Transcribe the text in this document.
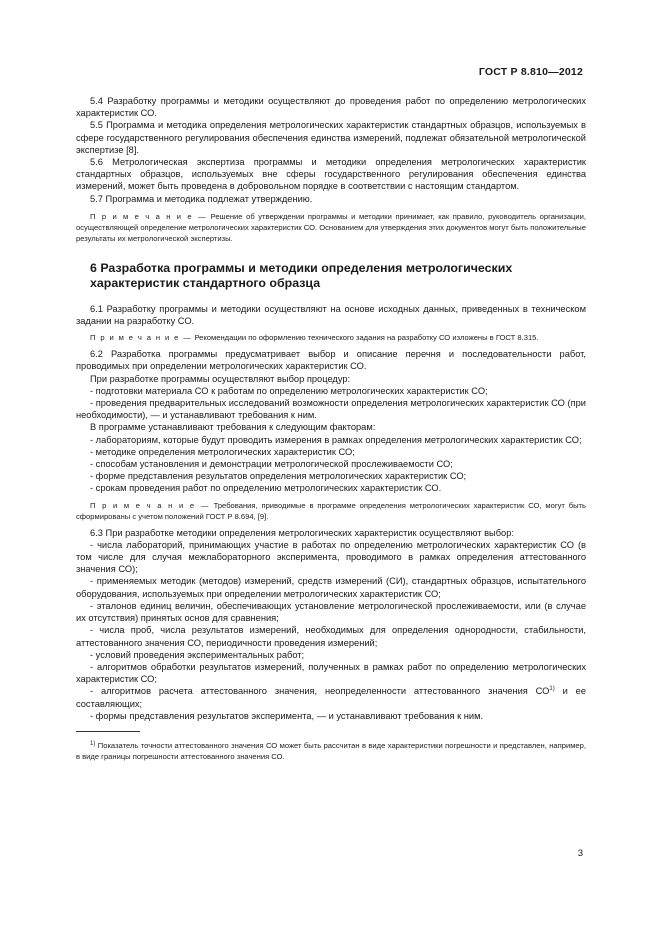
ГОСТ Р 8.810—2012

5.4 Разработку программы и методики осуществляют до проведения работ по определению метрологических характеристик СО.

5.5 Программа и методика определения метрологических характеристик стандартных образцов, используемых в сфере государственного регулирования обеспечения единства измерений, подлежат обязательной метрологической экспертизе [8].

5.6 Метрологическая экспертиза программы и методики определения метрологических характеристик стандартных образцов, используемых вне сферы государственного регулирования обеспечения единства измерений, может быть проведена в добровольном порядке в соответствии с настоящим стандартом.

5.7 Программа и методика подлежат утверждению.

П р и м е ч а н и е — Решение об утверждении программы и методики принимает, как правило, руководитель организации, осуществляющей определение метрологических характеристик СО. Основанием для утверждения этих документов могут быть положительные результаты их метрологической экспертизы.

6 Разработка программы и методики определения метрологических характеристик стандартного образца

6.1 Разработку программы и методики осуществляют на основе исходных данных, приведенных в техническом задании на разработку СО.

П р и м е ч а н и е — Рекомендации по оформлению технического задания на разработку СО изложены в ГОСТ 8.315.

6.2 Разработка программы предусматривает выбор и описание перечня и последовательности работ, проводимых при определении метрологических характеристик СО.

При разработке программы осуществляют выбор процедур:

- подготовки материала СО к работам по определению метрологических характеристик СО;

- проведения предварительных исследований возможности определения метрологических характеристик СО (при необходимости), — и устанавливают требования к ним.

В программе устанавливают требования к следующим факторам:

- лабораториям, которые будут проводить измерения в рамках определения метрологических характеристик СО;

- методике определения метрологических характеристик СО;

- способам установления и демонстрации метрологической прослеживаемости СО;

- форме представления результатов определения метрологических характеристик СО;

- срокам проведения работ по определению метрологических характеристик СО.

П р и м е ч а н и е — Требования, приводимые в программе определения метрологических характеристик СО, могут быть сформированы с учетом положений ГОСТ Р 8.694, [9].

6.3 При разработке методики определения метрологических характеристик осуществляют выбор:

- числа лабораторий, принимающих участие в работах по определению метрологических характеристик СО (в том числе для случая межлабораторного эксперимента, проводимого в рамках определения аттестованного значения СО);

- применяемых методик (методов) измерений, средств измерений (СИ), стандартных образцов, испытательного оборудования, используемых при определении метрологических характеристик СО;

- эталонов единиц величин, обеспечивающих установление метрологической прослеживаемости, или (в случае их отсутствия) принятых основ для сравнения;

- числа проб, числа результатов измерений, необходимых для определения однородности, стабильности, аттестованного значения СО, периодичности проведения измерений;

- условий проведения экспериментальных работ;

- алгоритмов обработки результатов измерений, полученных в рамках работ по определению метрологических характеристик СО;

- алгоритмов расчета аттестованного значения, неопределенности аттестованного значения СО$^{1)}$ и ее составляющих;

- формы представления результатов эксперимента, — и устанавливают требования к ним.

$^{1)}$ Показатель точности аттестованного значения СО может быть рассчитан в виде характеристики погрешности и представлен, например, в виде границы погрешности аттестованного значения СО.

3
